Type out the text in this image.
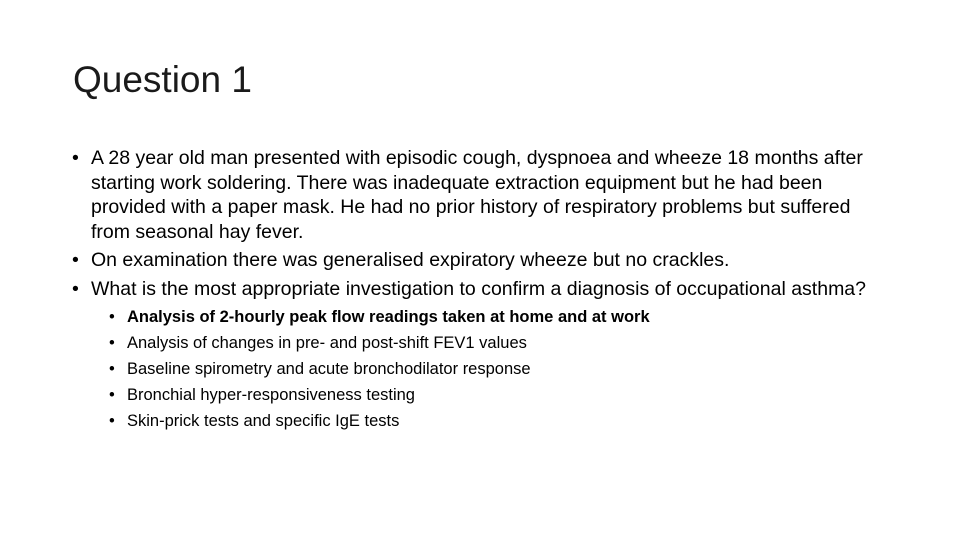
Question 1
• A 28 year old man presented with episodic cough, dyspnoea and wheeze 18 months after starting work soldering. There was inadequate extraction equipment but he had been provided with a paper mask. He had no prior history of respiratory problems but suffered from seasonal hay fever.
• On examination there was generalised expiratory wheeze but no crackles.
• What is the most appropriate investigation to confirm a diagnosis of occupational asthma?
• Analysis of 2-hourly peak flow readings taken at home and at work
• Analysis of changes in pre- and post-shift FEV1 values
• Baseline spirometry and acute bronchodilator response
• Bronchial hyper-responsiveness testing
• Skin-prick tests and specific IgE tests
